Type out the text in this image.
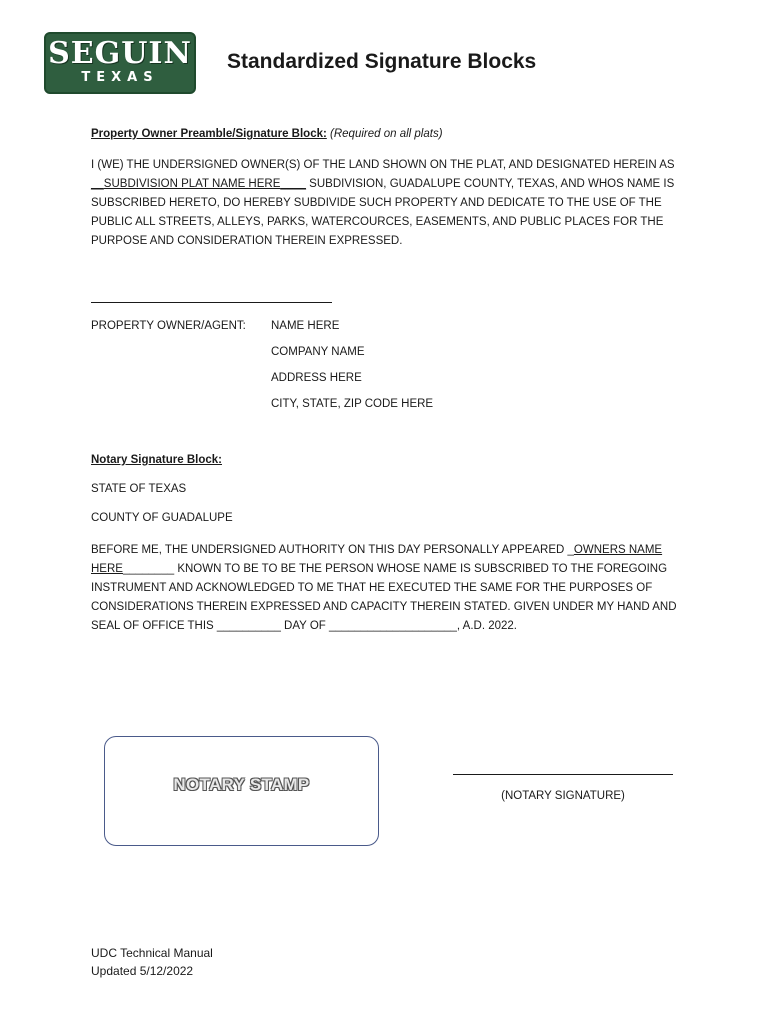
SEGUIN
TEXAS
Standardized Signature Blocks
Property Owner Preamble/Signature Block: (Required on all plats)
I (WE) THE UNDERSIGNED OWNER(S) OF THE LAND SHOWN ON THE PLAT, AND DESIGNATED HEREIN AS
__SUBDIVISION PLAT NAME HERE____ SUBDIVISION, GUADALUPE COUNTY, TEXAS, AND WHOS NAME IS
SUBSCRIBED HERETO, DO HEREBY SUBDIVIDE SUCH PROPERTY AND DEDICATE TO THE USE OF THE
PUBLIC ALL STREETS, ALLEYS, PARKS, WATERCOURCES, EASEMENTS, AND PUBLIC PLACES FOR THE
PURPOSE AND CONSIDERATION THEREIN EXPRESSED.
PROPERTY OWNER/AGENT: NAME HERE
COMPANY NAME
ADDRESS HERE
CITY, STATE, ZIP CODE HERE
Notary Signature Block:
STATE OF TEXAS
COUNTY OF GUADALUPE
BEFORE ME, THE UNDERSIGNED AUTHORITY ON THIS DAY PERSONALLY APPEARED _OWNERS NAME
HERE________ KNOWN TO BE TO BE THE PERSON WHOSE NAME IS SUBSCRIBED TO THE FOREGOING
INSTRUMENT AND ACKNOWLEDGED TO ME THAT HE EXECUTED THE SAME FOR THE PURPOSES OF
CONSIDERATIONS THEREIN EXPRESSED AND CAPACITY THEREIN STATED. GIVEN UNDER MY HAND AND
SEAL OF OFFICE THIS __________ DAY OF ____________________, A.D. 2022.
NOTARY STAMP
(NOTARY SIGNATURE)
UDC Technical Manual
Updated 5/12/2022
